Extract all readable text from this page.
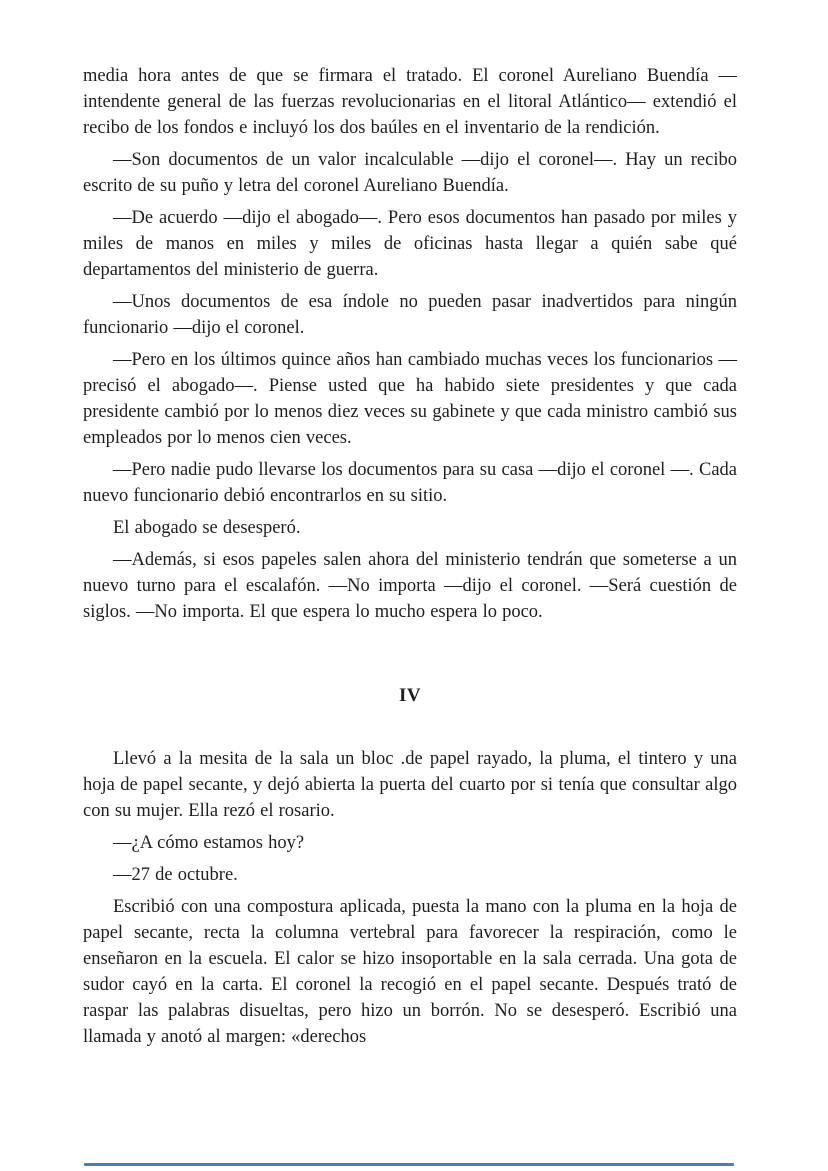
media hora antes de que se firmara el tratado. El coronel Aureliano Buendía —intendente general de las fuerzas revolucionarias en el litoral Atlántico— extendió el recibo de los fondos e incluyó los dos baúles en el inventario de la rendición.

—Son documentos de un valor incalculable —dijo el coronel—. Hay un recibo escrito de su puño y letra del coronel Aureliano Buendía.

—De acuerdo —dijo el abogado—. Pero esos documentos han pasado por miles y miles de manos en miles y miles de oficinas hasta llegar a quién sabe qué departamentos del ministerio de guerra.

—Unos documentos de esa índole no pueden pasar inadvertidos para ningún funcionario —dijo el coronel.

—Pero en los últimos quince años han cambiado muchas veces los funcionarios —precisó el abogado—. Piense usted que ha habido siete presidentes y que cada presidente cambió por lo menos diez veces su gabinete y que cada ministro cambió sus empleados por lo menos cien veces.

—Pero nadie pudo llevarse los documentos para su casa —dijo el coronel —. Cada nuevo funcionario debió encontrarlos en su sitio.

El abogado se desesperó.

—Además, si esos papeles salen ahora del ministerio tendrán que someterse a un nuevo turno para el escalafón. —No importa —dijo el coronel. —Será cuestión de siglos. —No importa. El que espera lo mucho espera lo poco.

IV

Llevó a la mesita de la sala un bloc .de papel rayado, la pluma, el tintero y una hoja de papel secante, y dejó abierta la puerta del cuarto por si tenía que consultar algo con su mujer. Ella rezó el rosario.

—¿A cómo estamos hoy?

—27 de octubre.

Escribió con una compostura aplicada, puesta la mano con la pluma en la hoja de papel secante, recta la columna vertebral para favorecer la respiración, como le enseñaron en la escuela. El calor se hizo insoportable en la sala cerrada. Una gota de sudor cayó en la carta. El coronel la recogió en el papel secante. Después trató de raspar las palabras disueltas, pero hizo un borrón. No se desesperó. Escribió una llamada y anotó al margen: «derechos
